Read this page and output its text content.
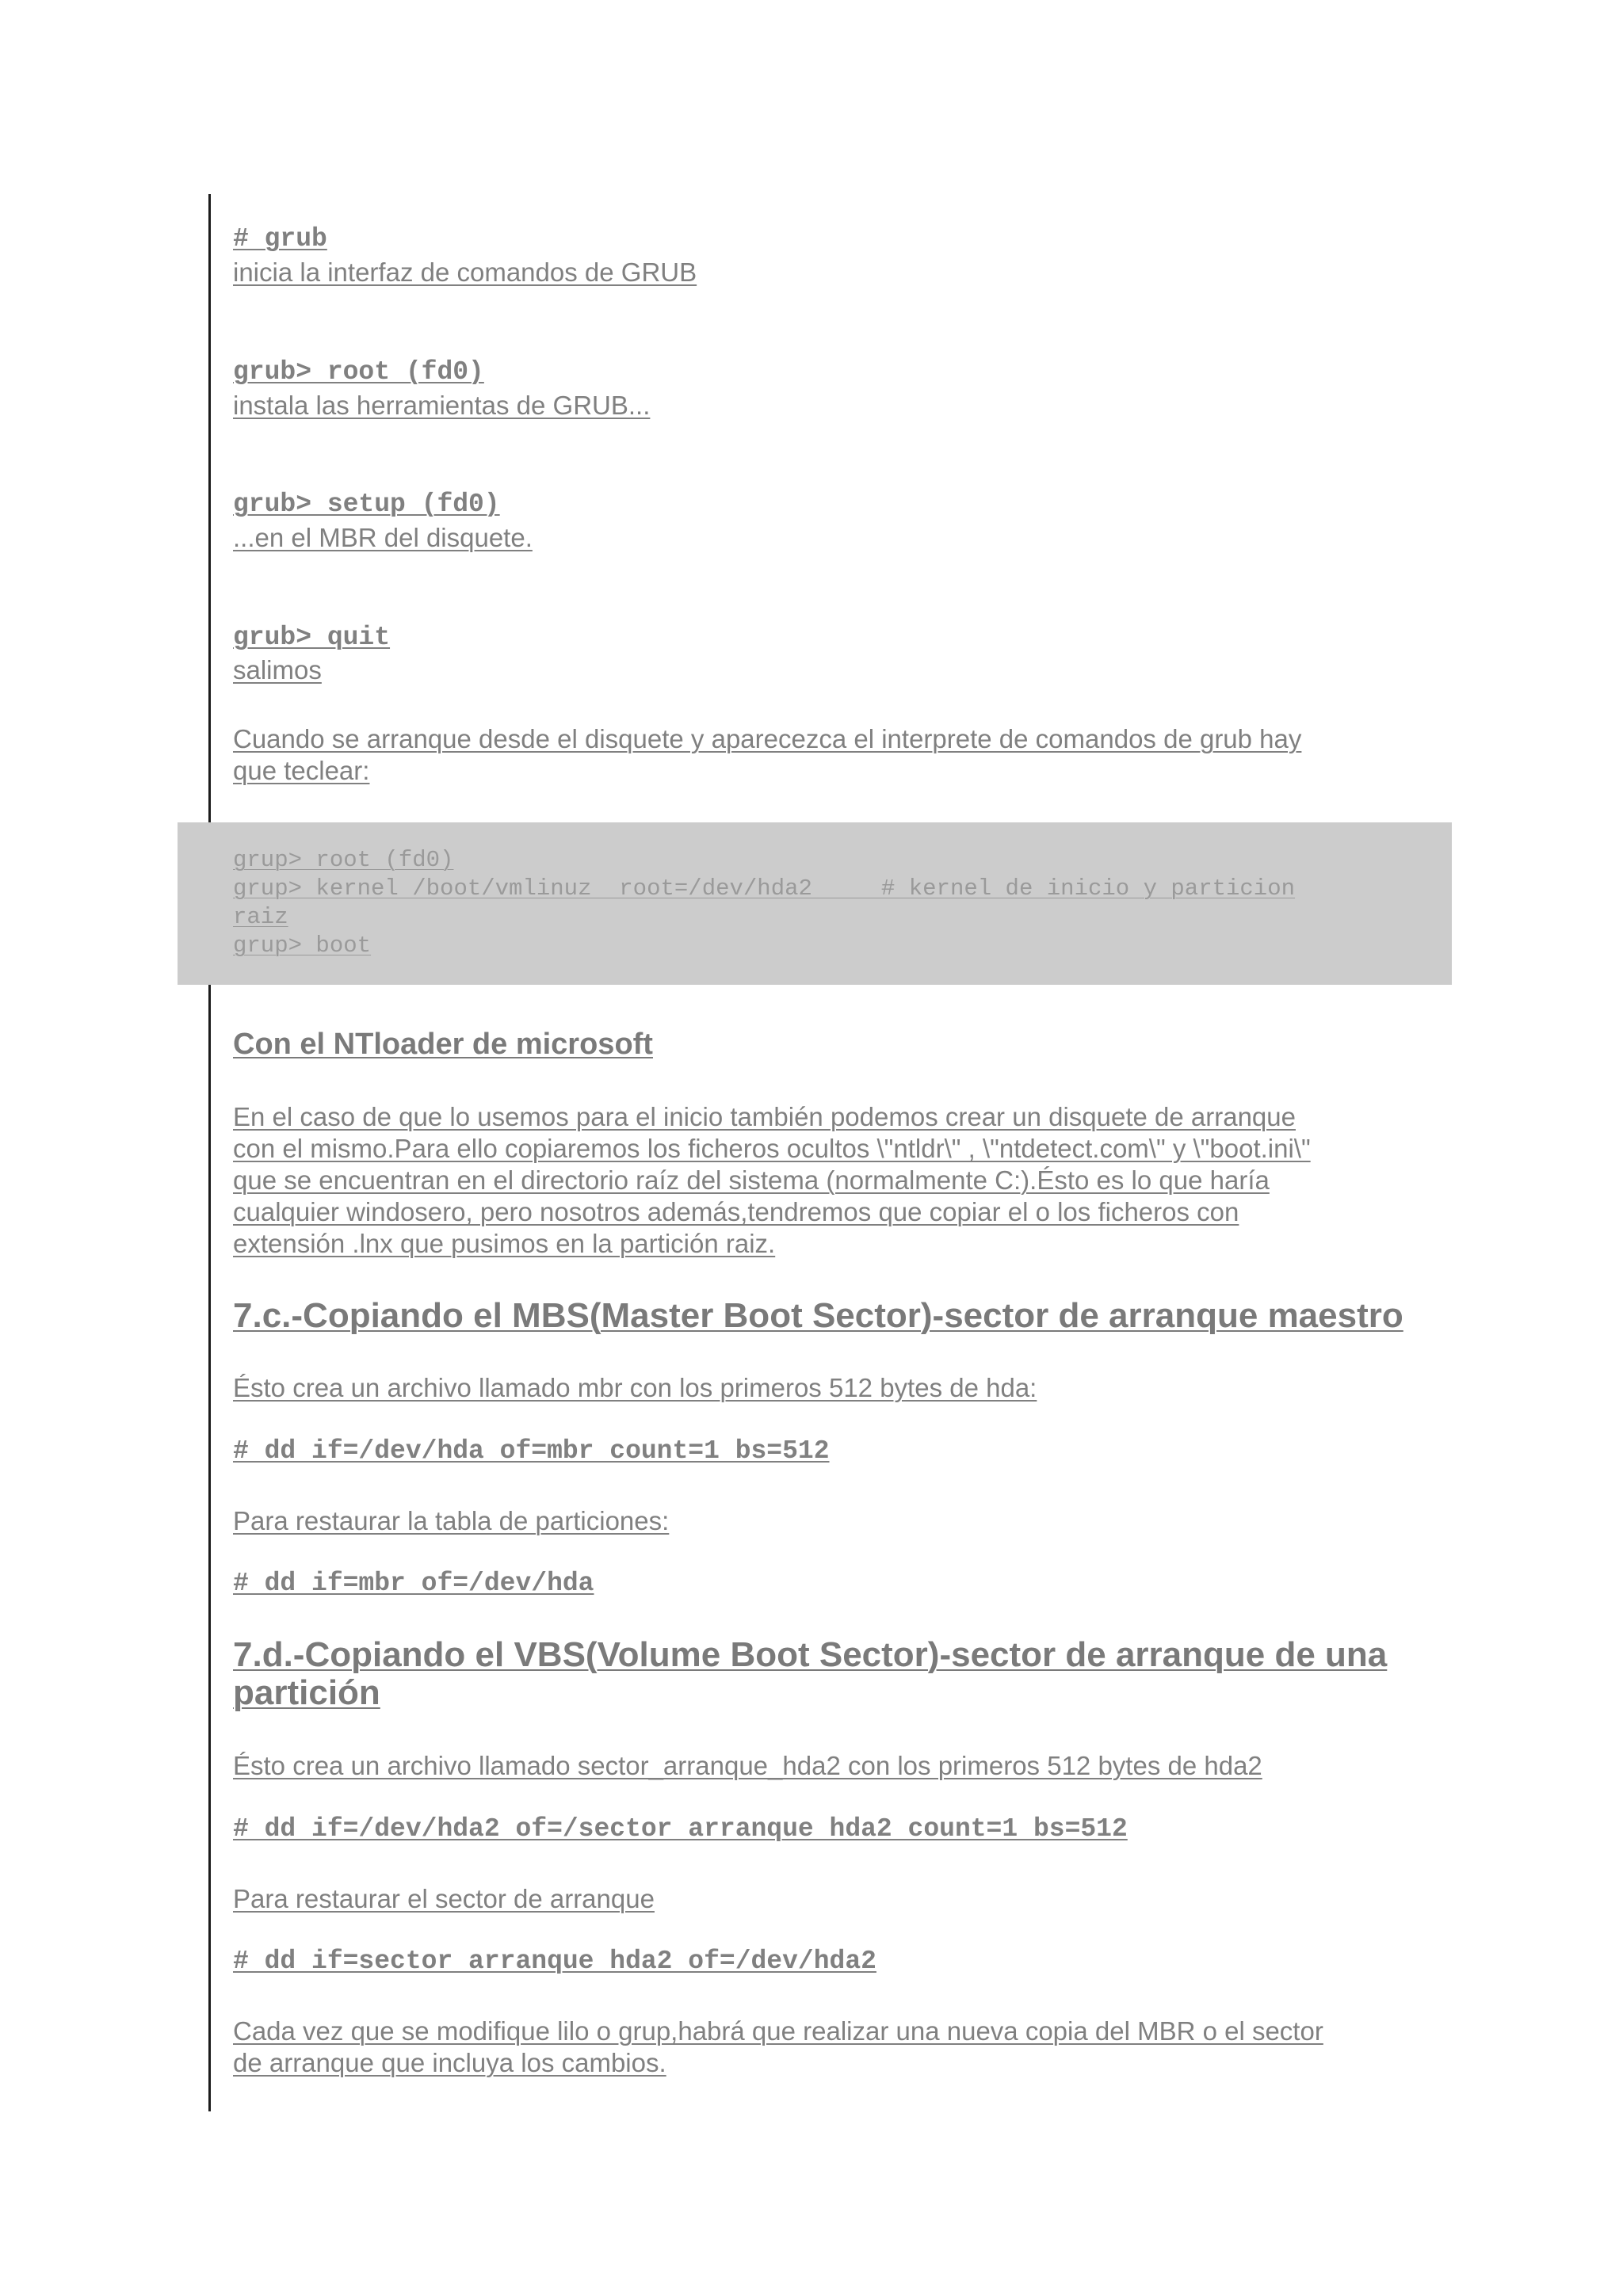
# grub

inicia la interfaz de comandos de GRUB

grub> root (fd0)

instala las herramientas de GRUB...

grub> setup (fd0)

...en el MBR del disquete.

grub> quit

salimos

Cuando se arranque desde el disquete y aparecezca el interprete de comandos de grub hay

que teclear:

grup> root (fd0)
grup> kernel /boot/vmlinuz  root=/dev/hda2     # kernel de inicio y particion
raiz
grup> boot

Con el NTloader de microsoft

En el caso de que lo usemos para el inicio también podemos crear un disquete de arranque

con el mismo.Para ello copiaremos los ficheros ocultos \"ntldr\" , \"ntdetect.com\" y \"boot.ini\"

que se encuentran en el directorio raíz del sistema (normalmente C:).Ésto es lo que haría

cualquier windosero, pero nosotros además,tendremos que copiar el o los ficheros con

extensión .lnx que pusimos en la partición raiz.

7.c.-Copiando el MBS(Master Boot Sector)-sector de arranque maestro

Ésto crea un archivo llamado mbr con los primeros 512 bytes de hda:

# dd if=/dev/hda of=mbr count=1 bs=512

Para restaurar la tabla de particiones:

# dd if=mbr of=/dev/hda

7.d.-Copiando el VBS(Volume Boot Sector)-sector de arranque de una

partición

Ésto crea un archivo llamado sector_arranque_hda2 con los primeros 512 bytes de hda2

# dd if=/dev/hda2 of=/sector arranque hda2 count=1 bs=512

Para restaurar el sector de arranque

# dd if=sector arranque hda2 of=/dev/hda2

Cada vez que se modifique lilo o grup,habrá que realizar una nueva copia del MBR o el sector

de arranque que incluya los cambios.
